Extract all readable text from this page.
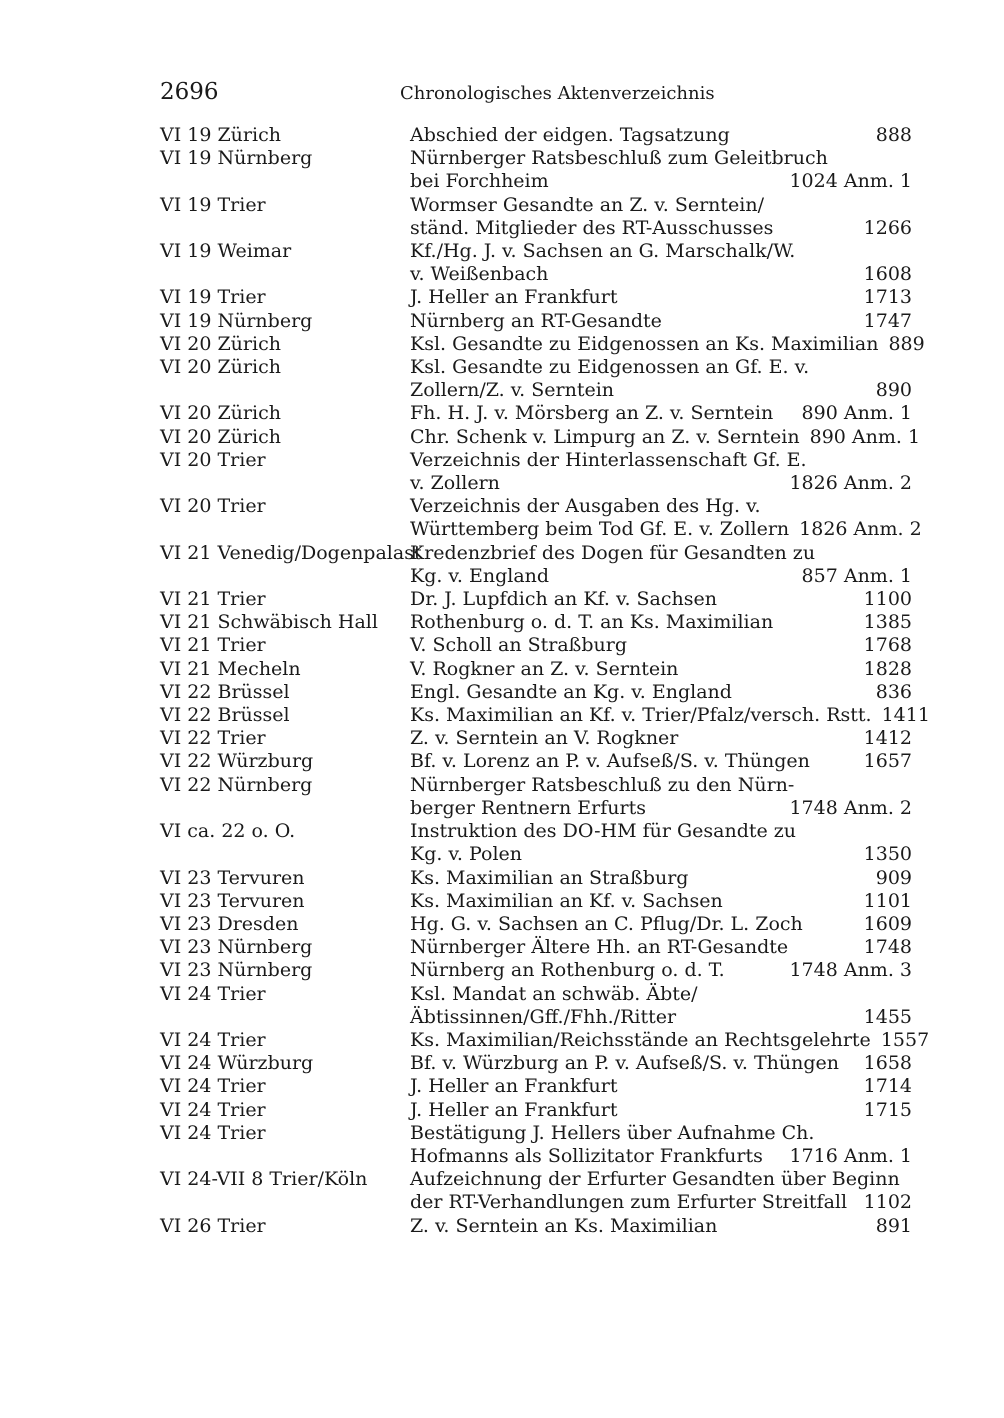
2696	Chronologisches Aktenverzeichnis
VI 19 Zürich	Abschied der eidgen. Tagsatzung	888
VI 19 Nürnberg	Nürnberger Ratsbeschluß zum Geleitbruch
bei Forchheim	1024 Anm. 1
VI 19 Trier	Wormser Gesandte an Z. v. Serntein/
ständ. Mitglieder des RT-Ausschusses	1266
VI 19 Weimar	Kf./Hg. J. v. Sachsen an G. Marschalk/W.
v. Weißenbach	1608
VI 19 Trier	J. Heller an Frankfurt	1713
VI 19 Nürnberg	Nürnberg an RT-Gesandte	1747
VI 20 Zürich	Ksl. Gesandte zu Eidgenossen an Ks. Maximilian 889
VI 20 Zürich	Ksl. Gesandte zu Eidgenossen an Gf. E. v.
Zollern/Z. v. Serntein	890
VI 20 Zürich	Fh. H. J. v. Mörsberg an Z. v. Serntein	890 Anm. 1
VI 20 Zürich	Chr. Schenk v. Limpurg an Z. v. Serntein 890 Anm. 1
VI 20 Trier	Verzeichnis der Hinterlassenschaft Gf. E.
v. Zollern	1826 Anm. 2
VI 20 Trier	Verzeichnis der Ausgaben des Hg. v.
Württemberg beim Tod Gf. E. v. Zollern 1826 Anm. 2
VI 21 Venedig/Dogenpalast
Kredenzbrief des Dogen für Gesandten zu
Kg. v. England	857 Anm. 1
VI 21 Trier	Dr. J. Lupfdich an Kf. v. Sachsen	1100
VI 21 Schwäbisch Hall	Rothenburg o. d. T. an Ks. Maximilian	1385
VI 21 Trier	V. Scholl an Straßburg	1768
VI 21 Mecheln	V. Rogkner an Z. v. Serntein	1828
VI 22 Brüssel	Engl. Gesandte an Kg. v. England	836
VI 22 Brüssel	Ks. Maximilian an Kf. v. Trier/Pfalz/versch. Rstt. 1411
VI 22 Trier	Z. v. Serntein an V. Rogkner	1412
VI 22 Würzburg	Bf. v. Lorenz an P. v. Aufseß/S. v. Thüngen	1657
VI 22 Nürnberg	Nürnberger Ratsbeschluß zu den Nürn-
berger Rentnern Erfurts	1748 Anm. 2
VI ca. 22 o. O.	Instruktion des DO-HM für Gesandte zu
Kg. v. Polen	1350
VI 23 Tervuren	Ks. Maximilian an Straßburg	909
VI 23 Tervuren	Ks. Maximilian an Kf. v. Sachsen	1101
VI 23 Dresden	Hg. G. v. Sachsen an C. Pflug/Dr. L. Zoch	1609
VI 23 Nürnberg	Nürnberger Ältere Hh. an RT-Gesandte	1748
VI 23 Nürnberg	Nürnberg an Rothenburg o. d. T.	1748 Anm. 3
VI 24 Trier	Ksl. Mandat an schwäb. Äbte/
Äbtissinnen/Gff./Fhh./Ritter	1455
VI 24 Trier	Ks. Maximilian/Reichsstände an Rechtsgelehrte 1557
VI 24 Würzburg	Bf. v. Würzburg an P. v. Aufseß/S. v. Thüngen	1658
VI 24 Trier	J. Heller an Frankfurt	1714
VI 24 Trier	J. Heller an Frankfurt	1715
VI 24 Trier	Bestätigung J. Hellers über Aufnahme Ch.
Hofmanns als Sollizitator Frankfurts	1716 Anm. 1
VI 24-VII 8 Trier/Köln	Aufzeichnung der Erfurter Gesandten über Beginn
der RT-Verhandlungen zum Erfurter Streitfall 1102
VI 26 Trier	Z. v. Serntein an Ks. Maximilian	891
